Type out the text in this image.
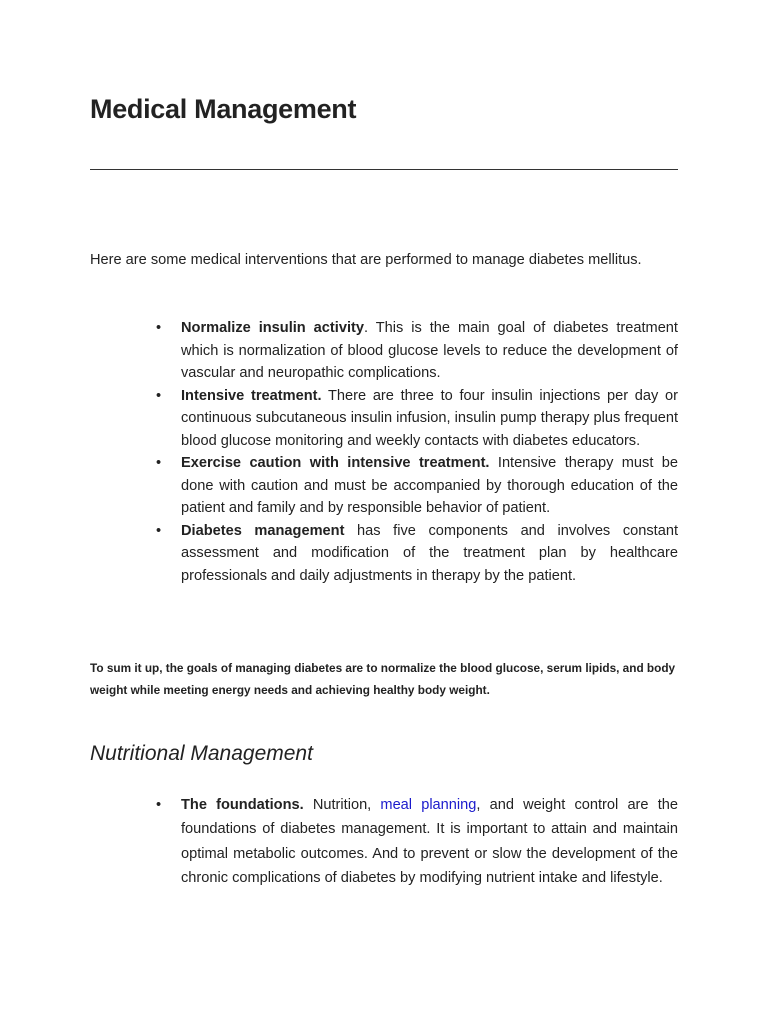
Medical Management

Here are some medical interventions that are performed to manage diabetes mellitus.

• Normalize insulin activity. This is the main goal of diabetes treatment which is normalization of blood glucose levels to reduce the development of vascular and neuropathic complications.
• Intensive treatment. There are three to four insulin injections per day or continuous subcutaneous insulin infusion, insulin pump therapy plus frequent blood glucose monitoring and weekly contacts with diabetes educators.
• Exercise caution with intensive treatment. Intensive therapy must be done with caution and must be accompanied by thorough education of the patient and family and by responsible behavior of patient.
• Diabetes management has five components and involves constant assessment and modification of the treatment plan by healthcare professionals and daily adjustments in therapy by the patient.

To sum it up, the goals of managing diabetes are to normalize the blood glucose, serum lipids, and body weight while meeting energy needs and achieving healthy body weight.

Nutritional Management
• The foundations. Nutrition, meal planning, and weight control are the foundations of diabetes management. It is important to attain and maintain optimal metabolic outcomes. And to prevent or slow the development of the chronic complications of diabetes by modifying nutrient intake and lifestyle.
